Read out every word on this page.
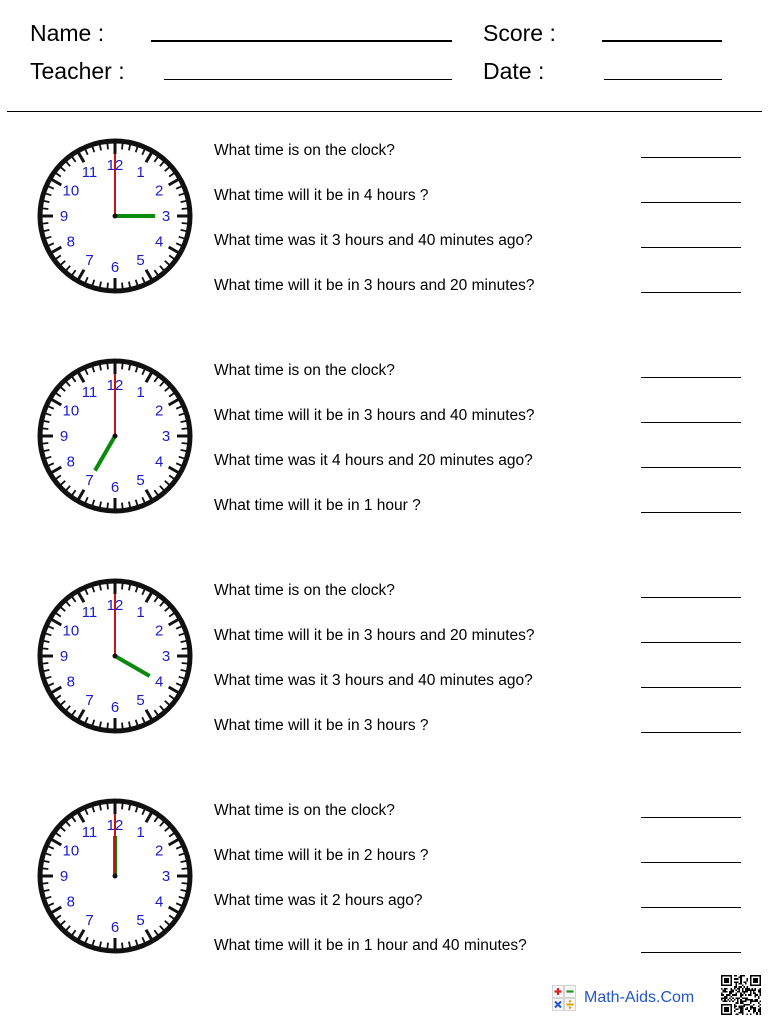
Name :
Teacher :
Score :
Date :
12 1
2
3
4
5
6
7
8
9
10
11
What time is on the clock?
What time will it be in 4 hours ?
What time was it 3 hours and 40 minutes ago?
What time will it be in 3 hours and 20 minutes?
12 1
2
3
4
5
6
7
8
9
10
11
What time is on the clock?
What time will it be in 3 hours and 40 minutes?
What time was it 4 hours and 20 minutes ago?
What time will it be in 1 hour ?
12 1
2
3
4
5
6
7
8
9
10
11
What time is on the clock?
What time will it be in 3 hours and 20 minutes?
What time was it 3 hours and 40 minutes ago?
What time will it be in 3 hours ?
12 1
2
3
4
5
6
7
8
9
10
11
What time is on the clock?
What time will it be in 2 hours ?
What time was it 2 hours ago?
What time will it be in 1 hour and 40 minutes?
Math-Aids.Com
